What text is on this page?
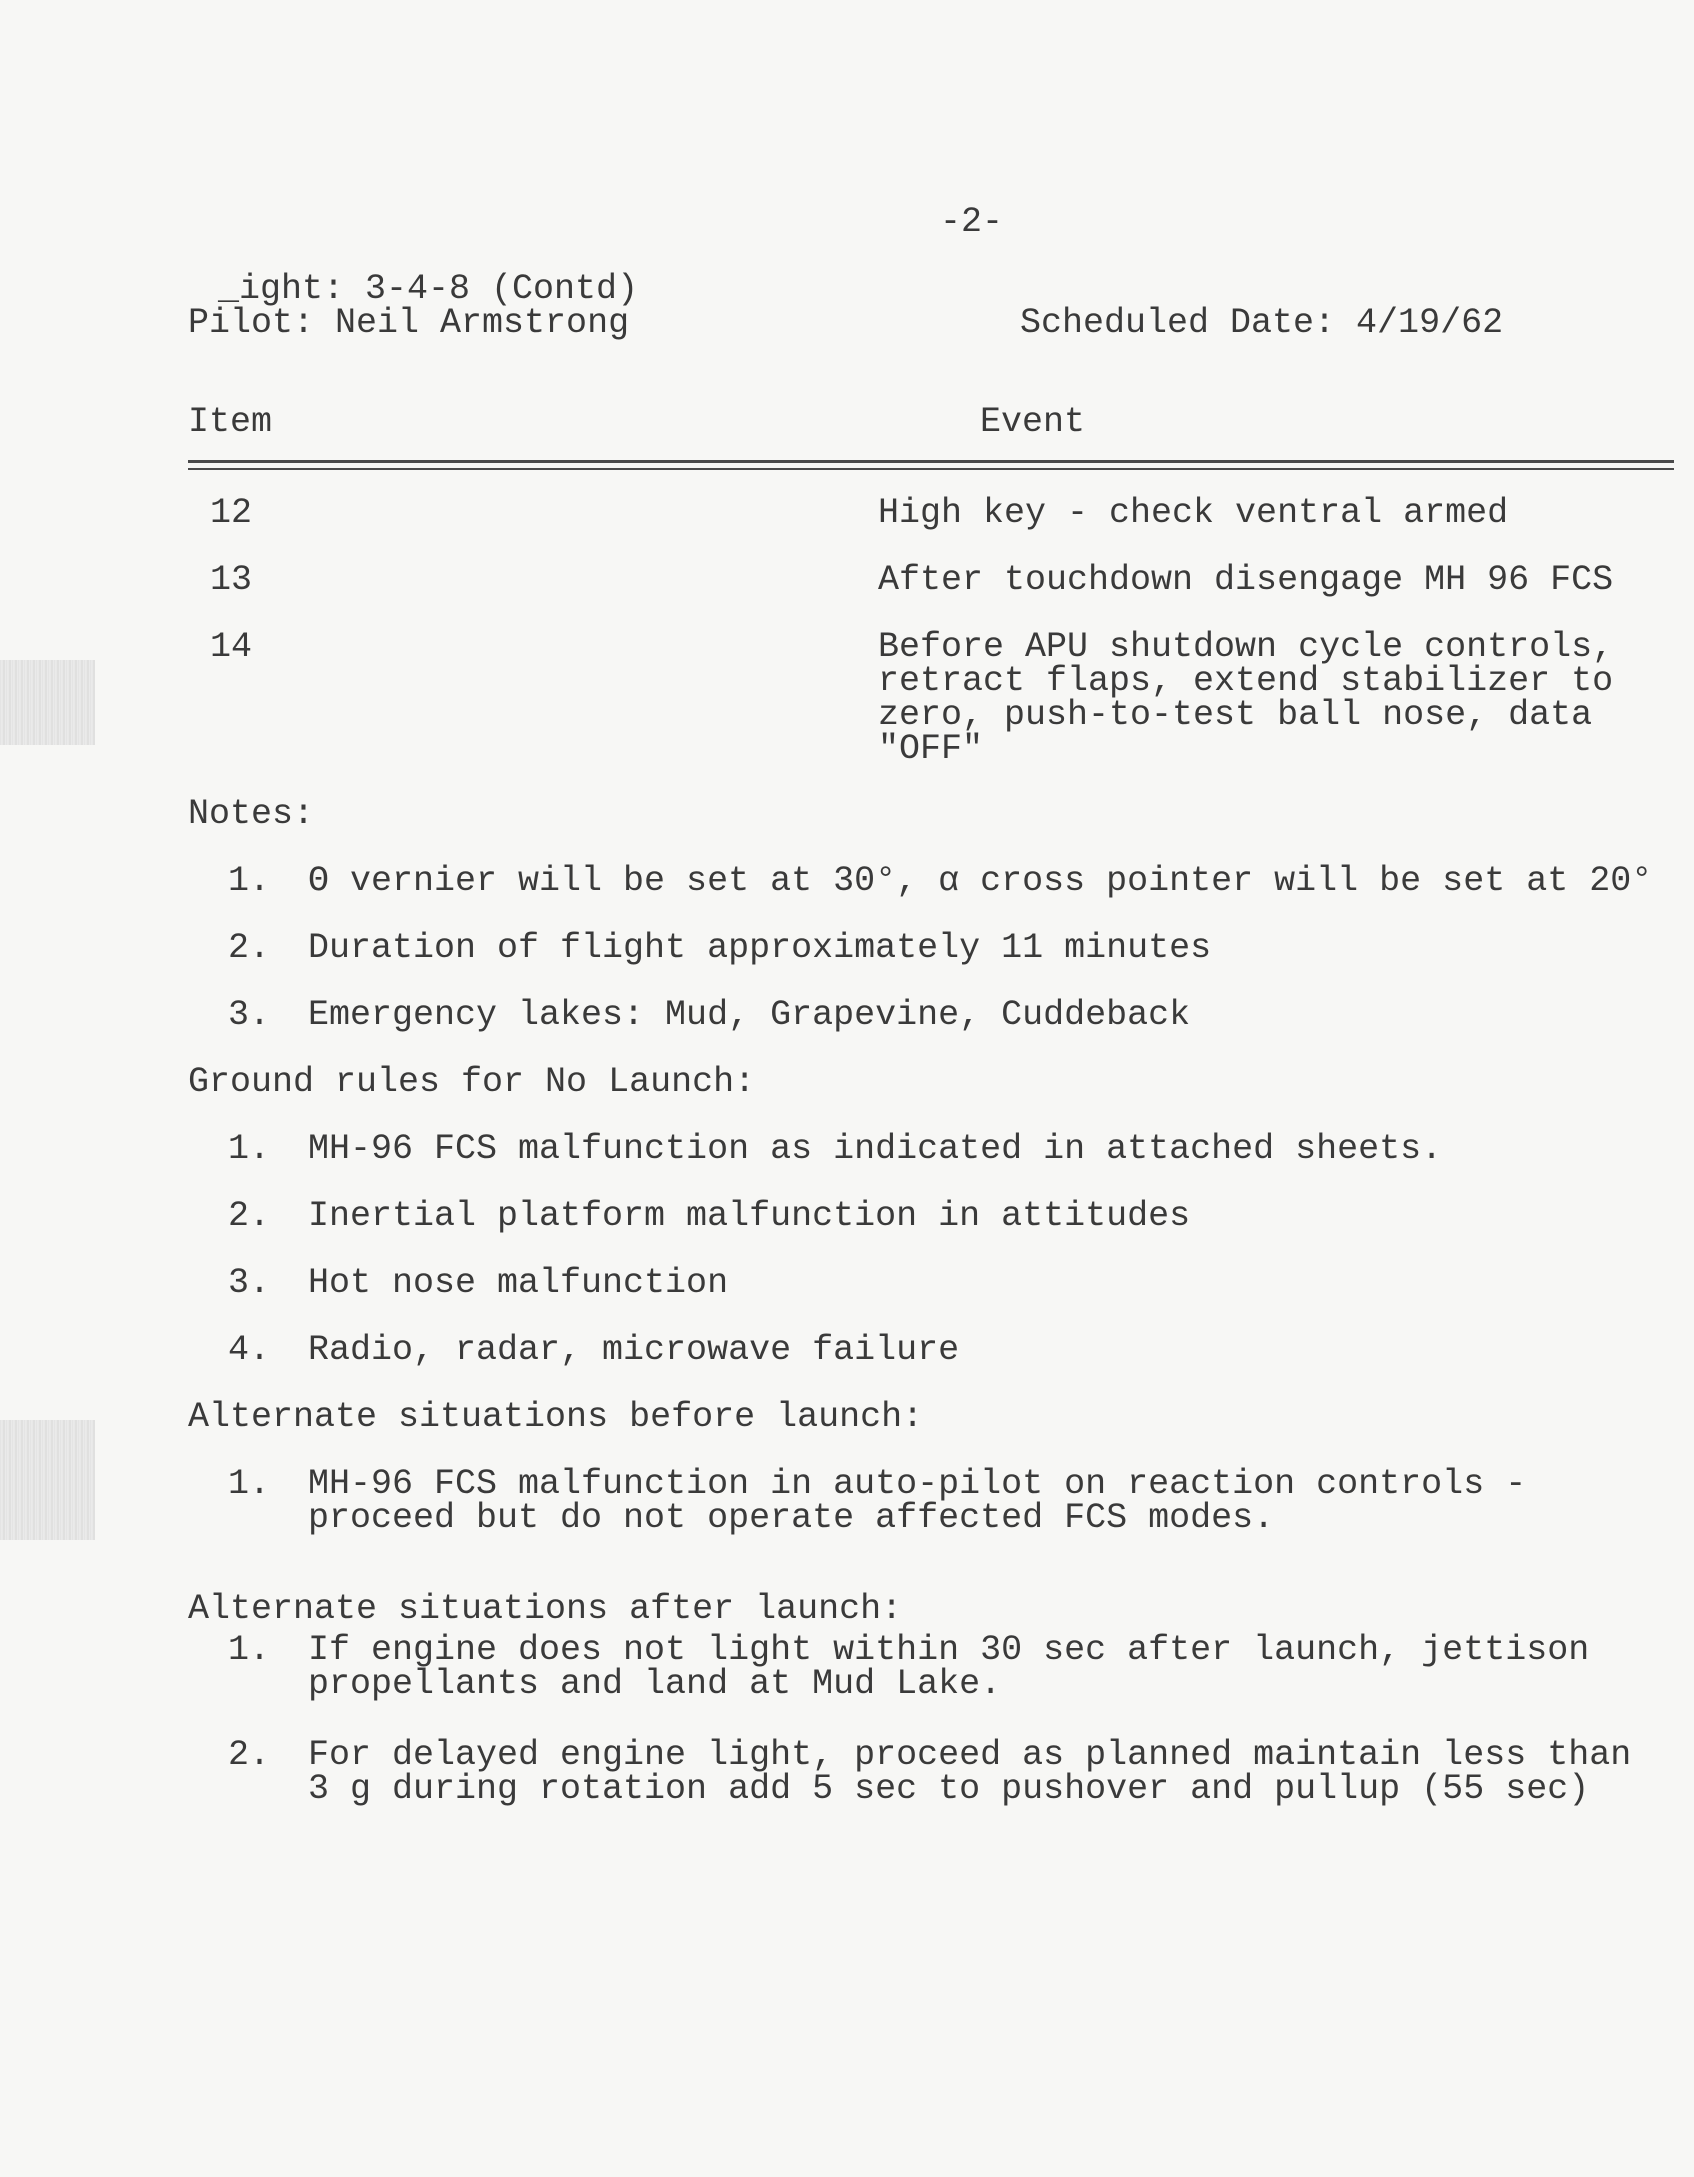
-2-
_ight: 3-4-8 (Contd)
Pilot: Neil Armstrong	Scheduled Date: 4/19/62
Item	Event
12	High key - check ventral armed
13	After touchdown disengage MH 96 FCS
14	Before APU shutdown cycle controls,
retract flaps, extend stabilizer to
zero, push-to-test ball nose, data
"OFF"
Notes:
1. Θ vernier will be set at 30°, α cross pointer will be set at 20°
2. Duration of flight approximately 11 minutes
3. Emergency lakes: Mud, Grapevine, Cuddeback
Ground rules for No Launch:
1. MH-96 FCS malfunction as indicated in attached sheets.
2. Inertial platform malfunction in attitudes
3. Hot nose malfunction
4. Radio, radar, microwave failure
Alternate situations before launch:
1. MH-96 FCS malfunction in auto-pilot on reaction controls -
proceed but do not operate affected FCS modes.
Alternate situations after launch:
1. If engine does not light within 30 sec after launch, jettison
propellants and land at Mud Lake.
2. For delayed engine light, proceed as planned maintain less than
3 g during rotation add 5 sec to pushover and pullup (55 sec)
